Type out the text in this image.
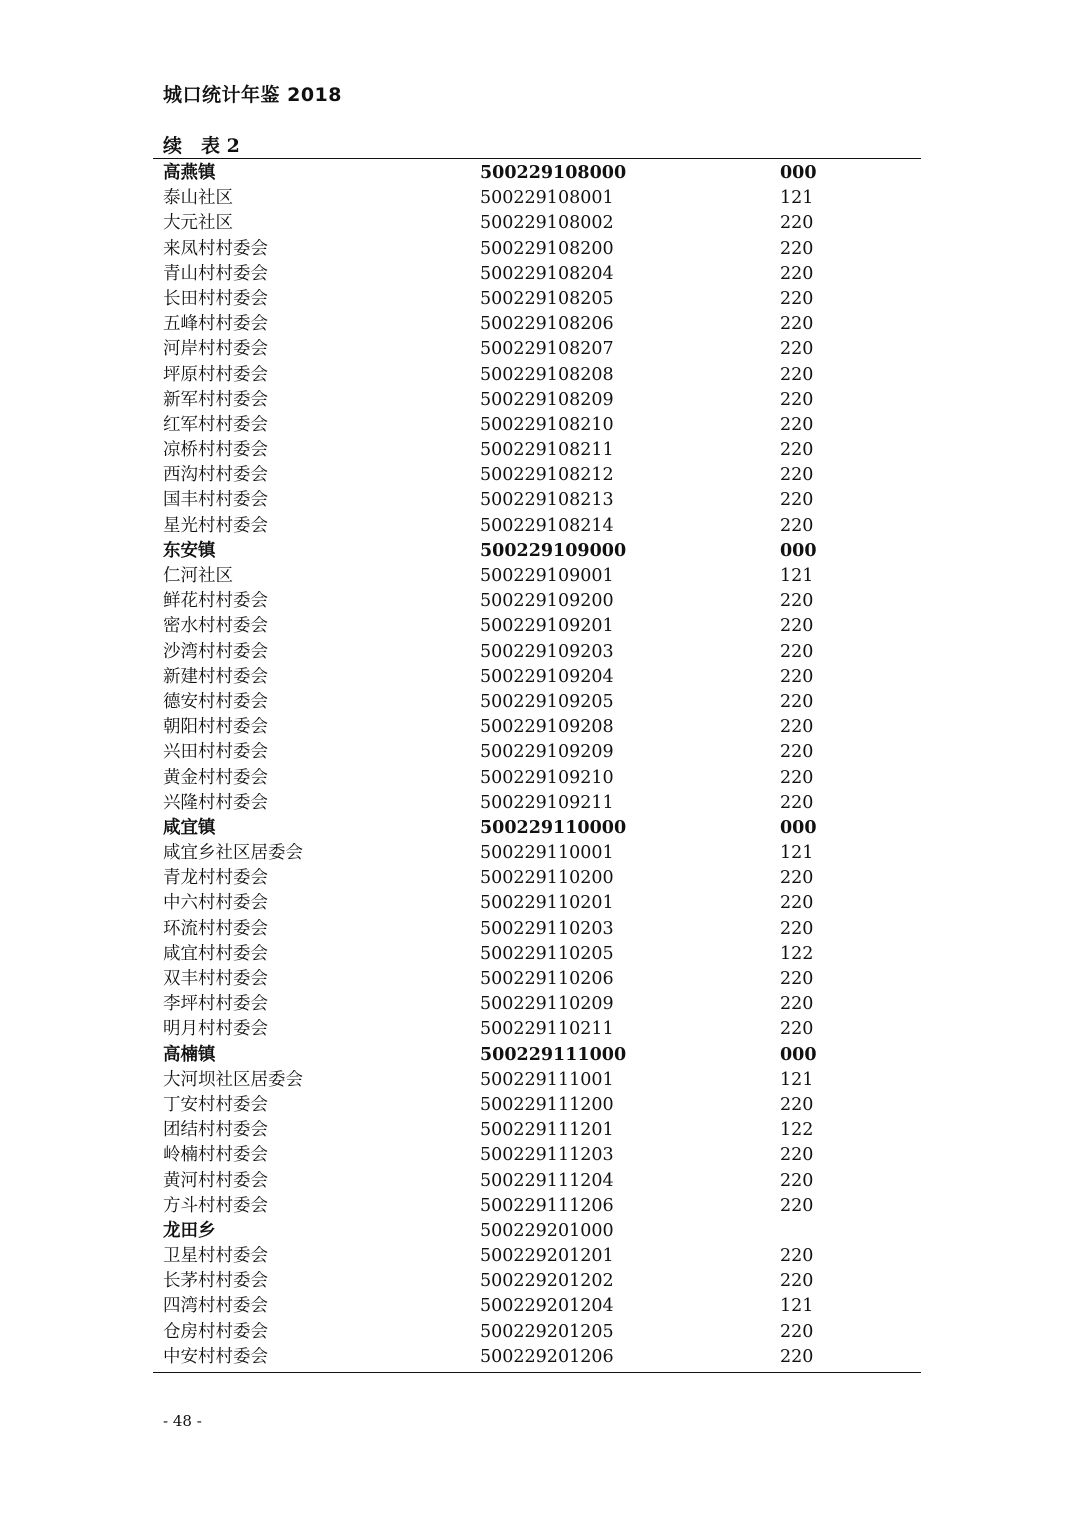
城口统计年鉴 2018
续　表 2
高燕镇	500229108000	000
泰山社区	500229108001	121
大元社区	500229108002	220
来凤村村委会	500229108200	220
青山村村委会	500229108204	220
长田村村委会	500229108205	220
五峰村村委会	500229108206	220
河岸村村委会	500229108207	220
坪原村村委会	500229108208	220
新军村村委会	500229108209	220
红军村村委会	500229108210	220
凉桥村村委会	500229108211	220
西沟村村委会	500229108212	220
国丰村村委会	500229108213	220
星光村村委会	500229108214	220
东安镇	500229109000	000
仁河社区	500229109001	121
鲜花村村委会	500229109200	220
密水村村委会	500229109201	220
沙湾村村委会	500229109203	220
新建村村委会	500229109204	220
德安村村委会	500229109205	220
朝阳村村委会	500229109208	220
兴田村村委会	500229109209	220
黄金村村委会	500229109210	220
兴隆村村委会	500229109211	220
咸宜镇	500229110000	000
咸宜乡社区居委会	500229110001	121
青龙村村委会	500229110200	220
中六村村委会	500229110201	220
环流村村委会	500229110203	220
咸宜村村委会	500229110205	122
双丰村村委会	500229110206	220
李坪村村委会	500229110209	220
明月村村委会	500229110211	220
高楠镇	500229111000	000
大河坝社区居委会	500229111001	121
丁安村村委会	500229111200	220
团结村村委会	500229111201	122
岭楠村村委会	500229111203	220
黄河村村委会	500229111204	220
方斗村村委会	500229111206	220
龙田乡	500229201000
卫星村村委会	500229201201	220
长茅村村委会	500229201202	220
四湾村村委会	500229201204	121
仓房村村委会	500229201205	220
中安村村委会	500229201206	220
- 48 -
